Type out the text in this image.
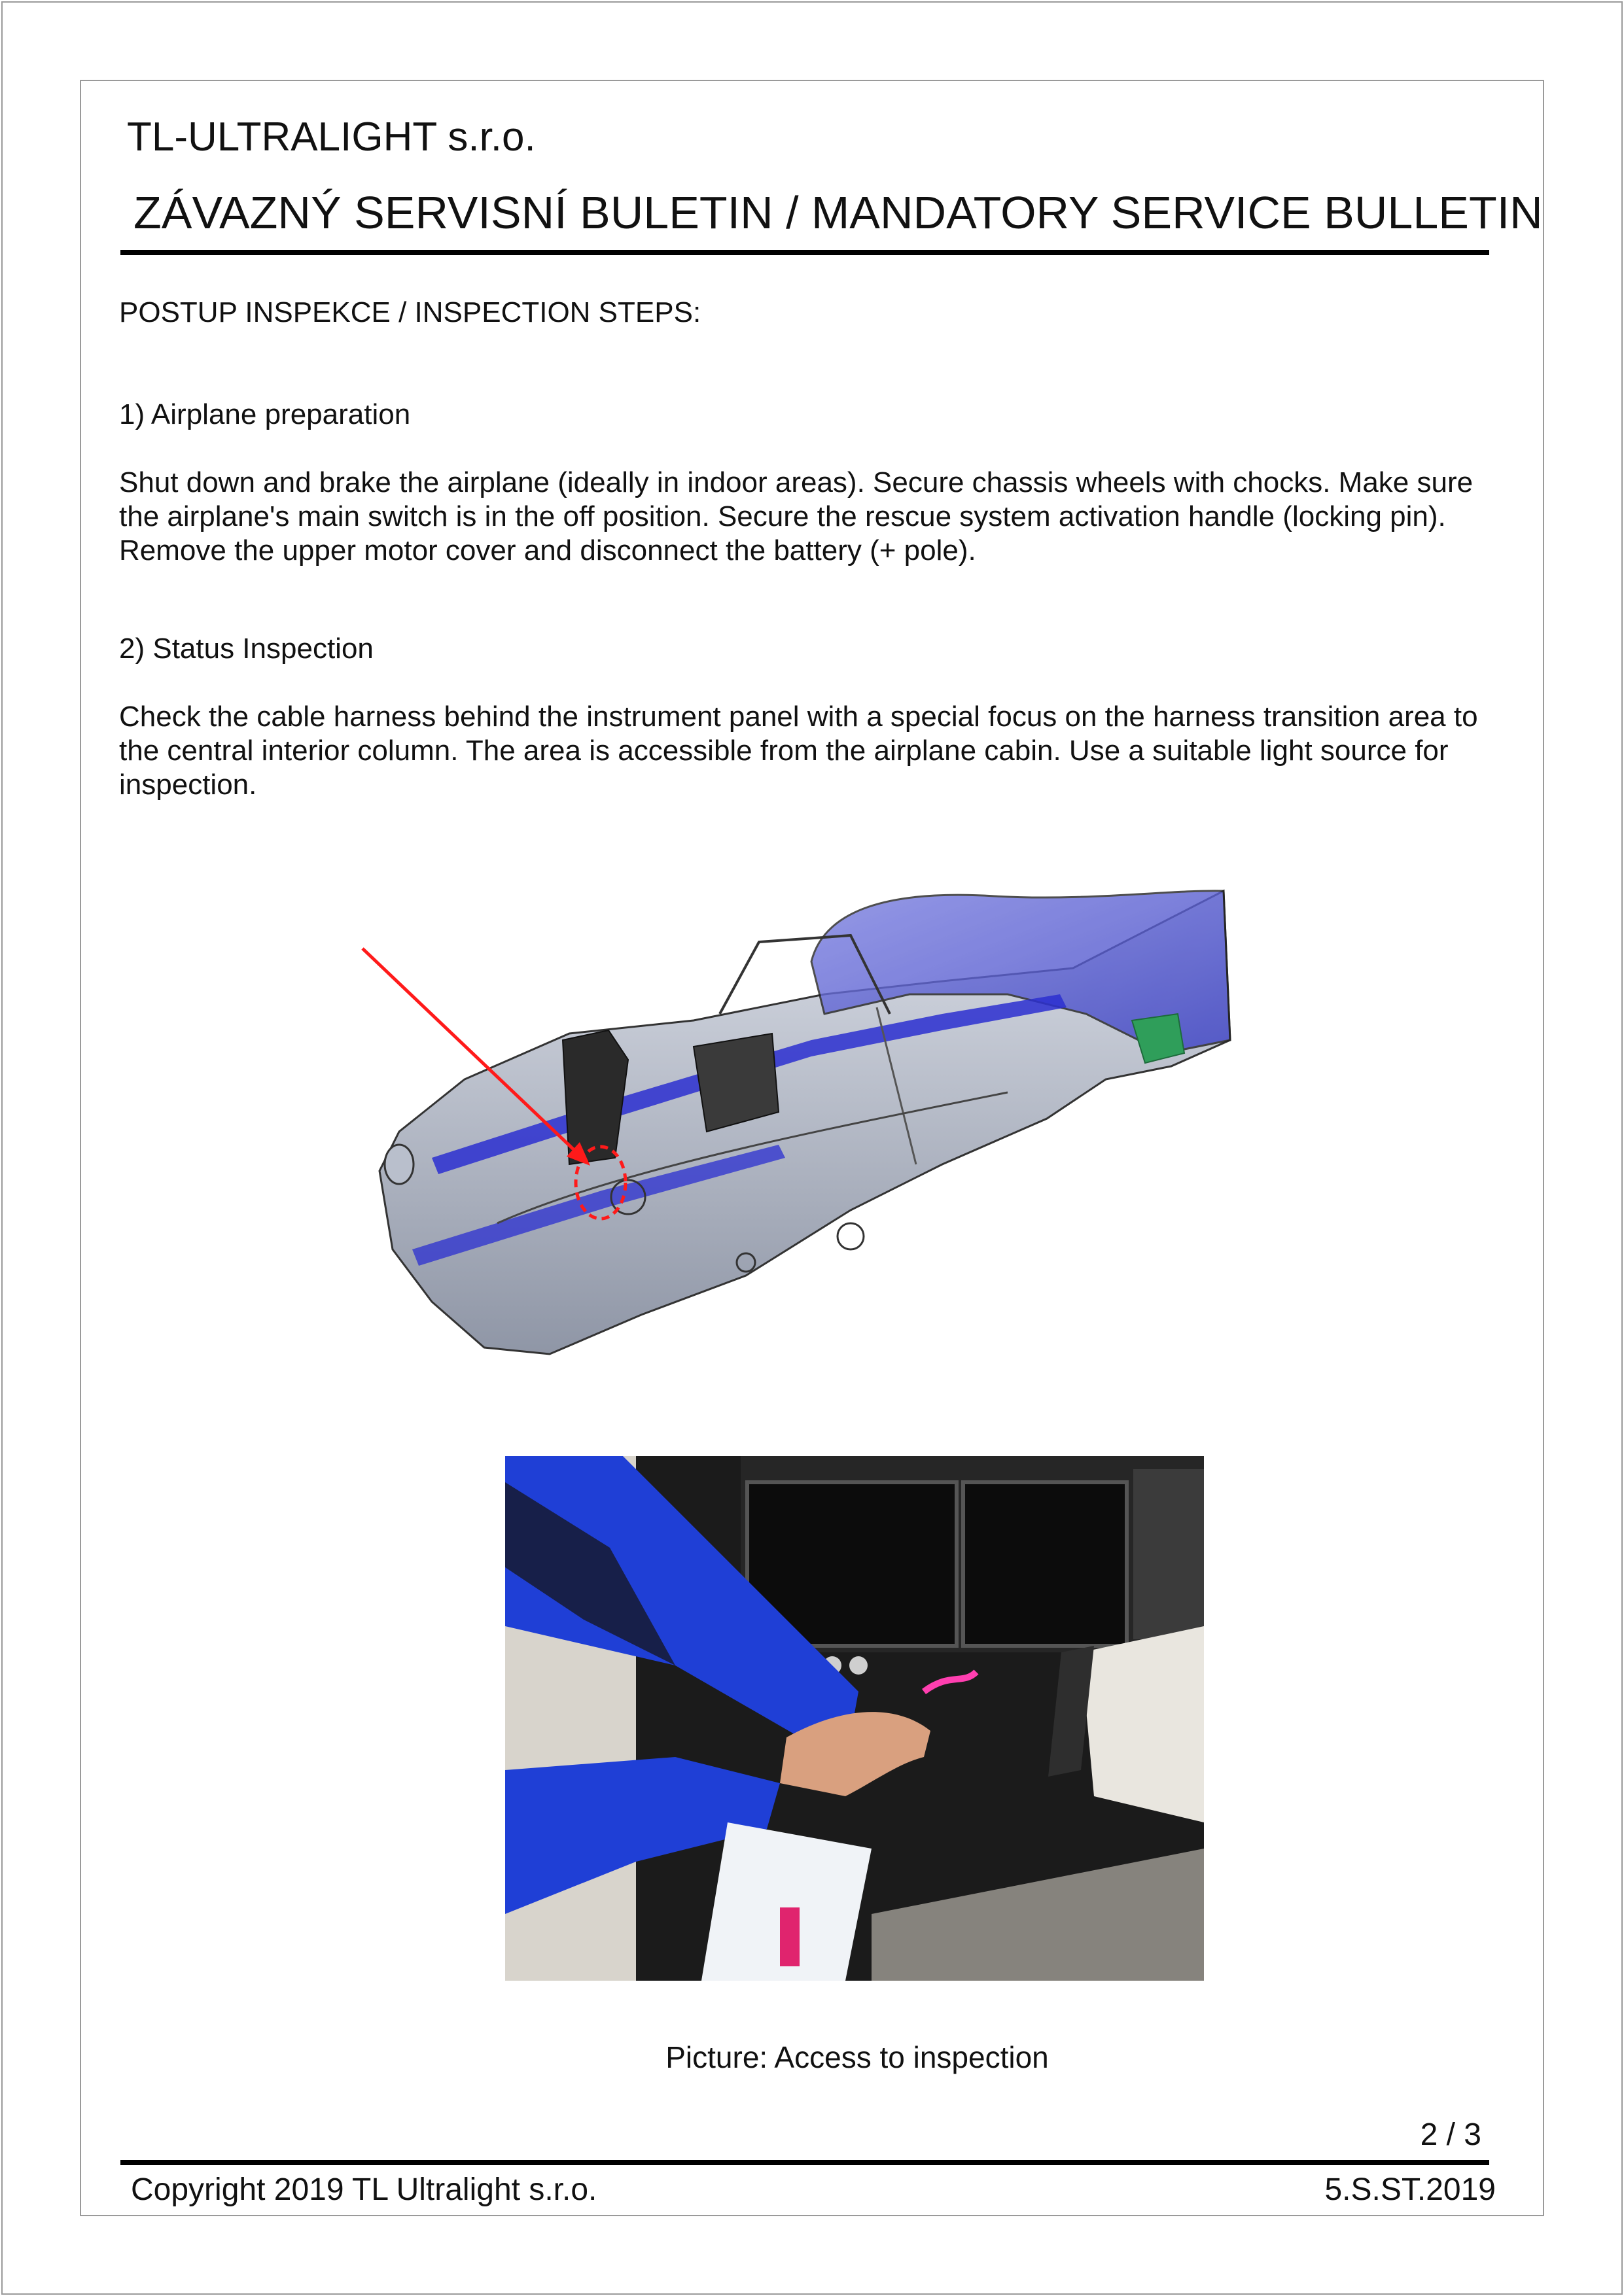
TL-ULTRALIGHT s.r.o.
ZÁVAZNÝ SERVISNÍ BULETIN / MANDATORY SERVICE BULLETIN
POSTUP INSPEKCE / INSPECTION STEPS:
1) Airplane preparation
Shut down and brake the airplane (ideally in indoor areas). Secure chassis wheels with chocks. Make sure the airplane's main switch is in the off position. Secure the rescue system activation handle (locking pin). Remove the upper motor cover and disconnect the battery (+ pole).
2) Status Inspection
Check the cable harness behind the instrument panel with a special focus on the harness transition area to the central interior column. The area is accessible from the airplane cabin. Use a suitable light source for inspection.
Picture: Access to inspection
2 / 3
Copyright 2019 TL Ultralight s.r.o.	5.S.ST.2019
